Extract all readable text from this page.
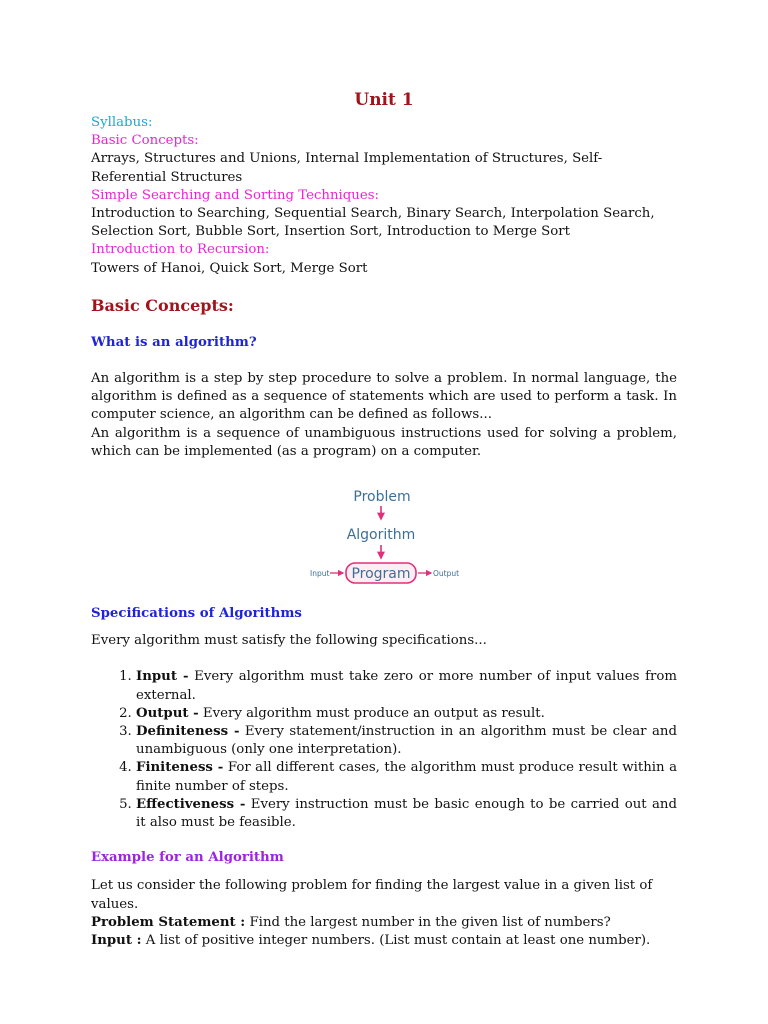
Unit 1

Syllabus:

Basic Concepts:

Arrays, Structures and Unions, Internal Implementation of Structures, Self-Referential Structures

Simple Searching and Sorting Techniques:

Introduction to Searching, Sequential Search, Binary Search, Interpolation Search, Selection Sort, Bubble Sort, Insertion Sort, Introduction to Merge Sort

Introduction to Recursion:

Towers of Hanoi, Quick Sort, Merge Sort

Basic Concepts:
What is an algorithm?

An algorithm is a step by step procedure to solve a problem. In normal language, the algorithm is defined as a sequence of statements which are used to perform a task. In computer science, an algorithm can be defined as follows...

An algorithm is a sequence of unambiguous instructions used for solving a problem, which can be implemented (as a program) on a computer.

Problem
Algorithm
Program
Input	Output
Specifications of Algorithms

Every algorithm must satisfy the following specifications...

1. Input - Every algorithm must take zero or more number of input values from external.
2. Output - Every algorithm must produce an output as result.
3. Definiteness - Every statement/instruction in an algorithm must be clear and unambiguous (only one interpretation).
4. Finiteness - For all different cases, the algorithm must produce result within a finite number of steps.
5. Effectiveness - Every instruction must be basic enough to be carried out and it also must be feasible.
Example for an Algorithm

Let us consider the following problem for finding the largest value in a given list of values.

Problem Statement : Find the largest number in the given list of numbers?

Input : A list of positive integer numbers. (List must contain at least one number).
